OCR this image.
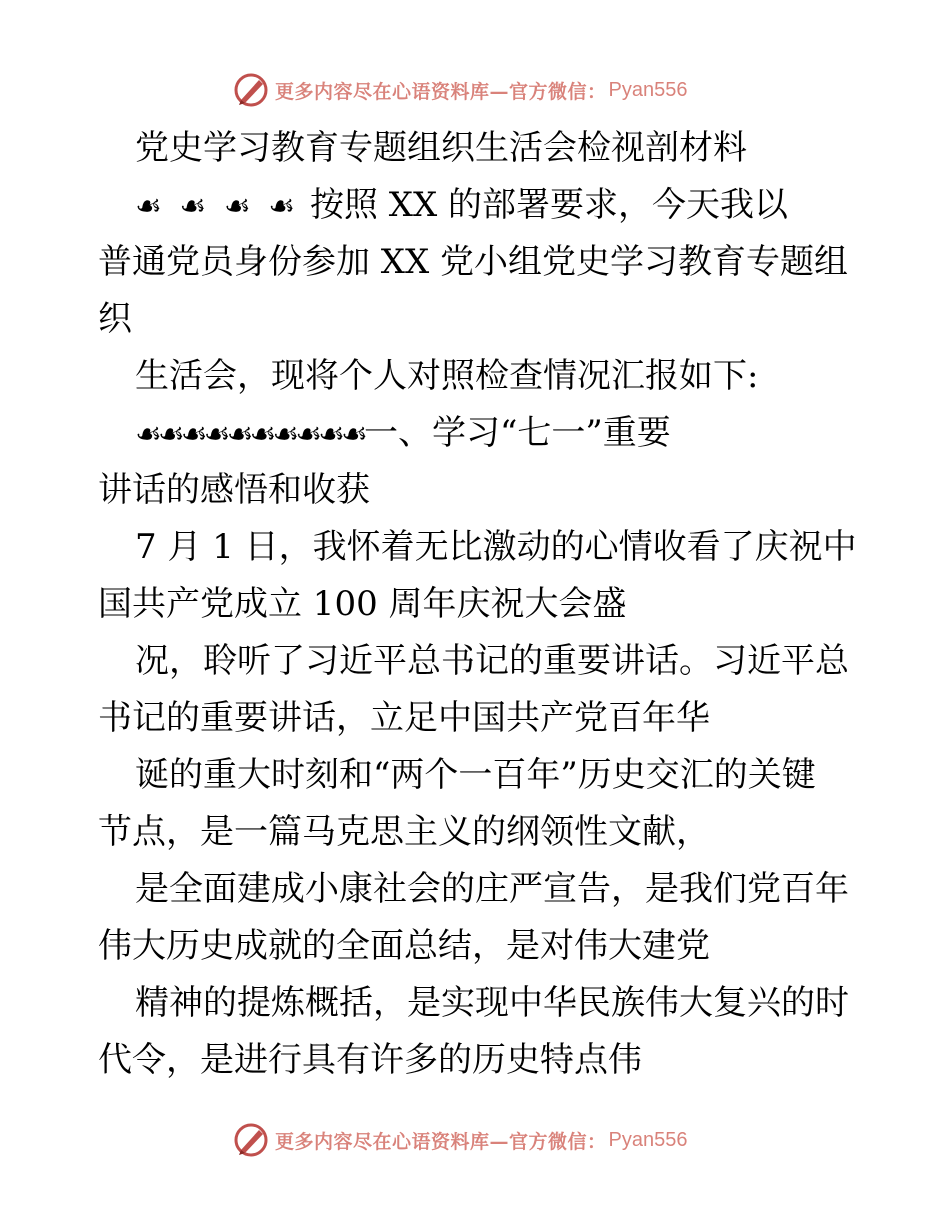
更多内容尽在心语资料库—官方微信： Pyan556
党史学习教育专题组织生活会检视剖材料
☙ ☙ ☙ ☙ 按照 XX 的部署要求，今天我以
普通党员身份参加 XX 党小组党史学习教育专题组
织
生活会，现将个人对照检查情况汇报如下:
☙☙☙☙☙☙☙☙☙☙一、学习“七一”重要
讲话的感悟和收获
7 月 1 日，我怀着无比激动的心情收看了庆祝中
国共产党成立 100 周年庆祝大会盛
况，聆听了习近平总书记的重要讲话。习近平总
书记的重要讲话，立足中国共产党百年华
诞的重大时刻和“两个一百年”历史交汇的关键
节点，是一篇马克思主义的纲领性文献，
是全面建成小康社会的庄严宣告，是我们党百年
伟大历史成就的全面总结，是对伟大建党
精神的提炼概括，是实现中华民族伟大复兴的时
代令，是进行具有许多的历史特点伟
更多内容尽在心语资料库—官方微信： Pyan556
